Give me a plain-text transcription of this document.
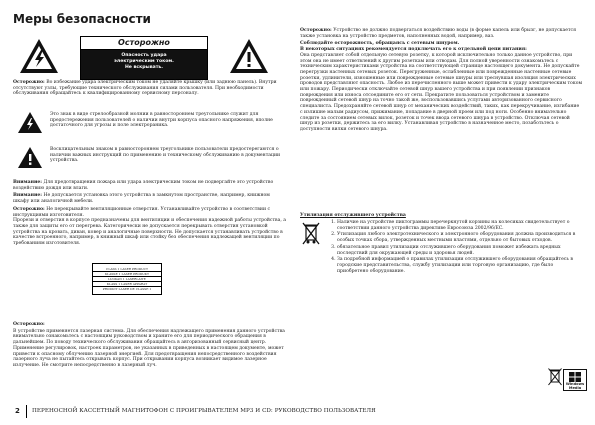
Меры безопасности
Осторожно
Опасность удара
электрическим током.
Не вскрывать.

Осторожно: Во избежание удара электрическим током не удаляйте крышку (или заднюю панель). Внутри отсутствуют узлы, требующие технического обслуживания силами пользователя. При необходимости обслуживания обращайтесь к квалифицированному сервисному персоналу.

Это знак в виде стрелообразной молнии в равностороннем треугольнике служит для предостережения пользователей о наличии внутри корпуса опасного напряжения, вполне достаточного для угрозы и поле электрораника.
Восклицательным знаком в равностороннем треугольнике пользователи предостерегаются о наличии важных инструкций по применению и техническому обслуживанию в документации устройства.

Внимание: Для предотвращения пожара или удара электрическим током не подвергайте это устройство воздействию дождя или влаги.

Внимание: Не допускается установка этого устройства в замкнутом пространстве, например, книжном шкафу или аналогичной мебели.

Осторожно: Не перекрывайте вентиляционные отверстия. Устанавливайте устройство в соответствии с инструкциями изготовителя.

Прорези и отверстия в корпусе предназначены для вентиляции и обеспечения надежной работы устройства, а также для защиты его от перегрева. Категорически не допускается перекрывать отверстия установкой устройства на кровать, диван, ковер и аналогичные поверхности. Не допускается устанавливать устройство в качестве встроенного, например, в книжный шкаф или стойку без обеспечения надлежащей вентиляции по требованиям изготовителя.

CLASS 1 LASER PRODUCT
KLASSE 1 LASER PRODUKT
LUOKAN 1 LASERLAITE
KLASS 1 LASER APPARAT
PRODUIT LASER DE CLASSE 1

Осторожно:

В устройстве применяется лазерная система. Для обеспечения надлежащего применения данного устройства внимательно ознакомьтесь с настоящим руководством и храните его для периодического обращения в дальнейшем. По поводу технического обслуживания обращайтесь в авторизованный сервисный центр. Применение регулировок, настроек параметров, не указанных в приведенных в настоящем документе, может привести к опасному облучению лазерной энергией. Для предотвращения непосредственного воздействия лазерного луча не пытайтесь открывать корпус. При открывании корпуса возникает видимое лазерное излучение. Не смотрите непосредственно в лазерный луч.

Осторожно: Устройство не должно подвергаться воздействию воды (в форме капель или брызг, не допускается также установка на устройство предметов, наполненных водой, например, ваз.

Соблюдайте осторожность, обращаясь с сетевым шнуром.

В некоторых ситуациях рекомендуется подключать его к отдельной цепи питания:

Она представляет собой отдельную сетевую розетку, к которой исключительно только данное устройство, при этом она не имеет ответвлений к другим розеткам или отводам. Для полной уверенности ознакомьтесь с техническим характеристиками устройства на соответствующей странице настоящего документа. Не допускайте перегрузки настенных сетевых розеток. Перегруженные, ослабленные или поврежденные настенные сетевые розетки, удлинители, изношенные или поврежденные сетевые шнуры или треснувшая изоляция электрических проводов представляют опасность. Любое из перечисленного выше может привести к удару электрическим током или пожару. Периодически отключайте сетевой шнур вашего устройства и при появлении признаков повреждения или износа отсоедините его от сети. Прекратите пользоваться устройством и замените поврежденный сетевой шнур на точно такой же, воспользовавшись услугами авторизованного сервисного специалиста. Предохраняйте сетевой шнур от механических воздействий, таких, как перекручивание, изгибание с излишне малым радиусом, прижимание, попадание в дверной проем или под ноги. Особенно внимательно следите за состоянием сетевых вилок, розеток и точек ввода сетевого шнура в устройство. Отключая сетевой шнур из розетки, держитесь за его вилку. Устанавливая устройство в назначенное место, позаботьтесь о доступности вилки сетевого шнура.

Утилизация отслужившего устройства

1. Наличие на устройстве пиктограммы перечеркнутой корзины на колесиках свидетельствует о соответствии данного устройства директиве Евросоюза 2002/96/EC.
2. Утилизация любого электротехнического и электронного оборудования должна производиться в особых точках сбора, утвержденных местными властями, отдельно от бытовых отходов.
3. обязательное правил утилизации отслужившего оборудования поможет избежать вредных последствий для окружающей среды и здоровья людей.
4. За подробной информацией о правилах утилизации отслужившего оборудования обращайтесь в городские представительства, службу утилизации или торговую организацию, где было приобретено оборудование.
Windows Media
2 ПЕРЕНОСНОЙ КАССЕТНЫЙ МАГНИТОФОН С ПРОИГРЫВАТЕЛЕМ MP3 И CD: РУКОВОДСТВО ПОЛЬЗОВАТЕЛЯ
